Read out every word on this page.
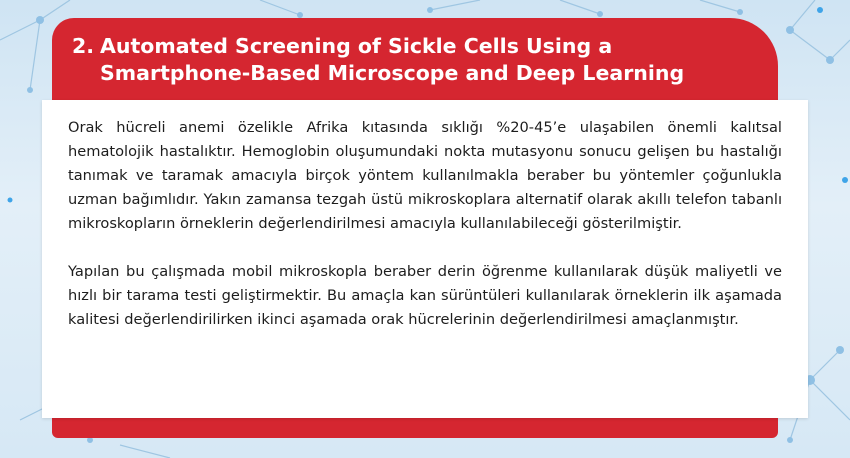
2. Automated Screening of Sickle Cells Using a
Smartphone-Based Microscope and Deep Learning

Orak hücreli anemi özelikle Afrika kıtasında sıklığı %20-45’e ulaşabilen önemli kalıtsal hematolojik hastalıktır. Hemoglobin oluşumundaki nokta mutasyonu sonucu gelişen bu hastalığı tanımak ve taramak amacıyla birçok yöntem kullanılmakla beraber bu yöntemler çoğunlukla uzman bağımlıdır. Yakın zamansa tezgah üstü mikroskoplara alternatif olarak akıllı telefon tabanlı mikroskopların örneklerin değerlendirilmesi amacıyla kullanılabileceği gösterilmiştir.

Yapılan bu çalışmada mobil mikroskopla beraber derin öğrenme kullanılarak düşük maliyetli ve hızlı bir tarama testi geliştirmektir. Bu amaçla kan sürüntüleri kullanılarak örneklerin ilk aşamada kalitesi değerlendirilirken ikinci aşamada orak hücrelerinin değerlendirilmesi amaçlanmıştır.
